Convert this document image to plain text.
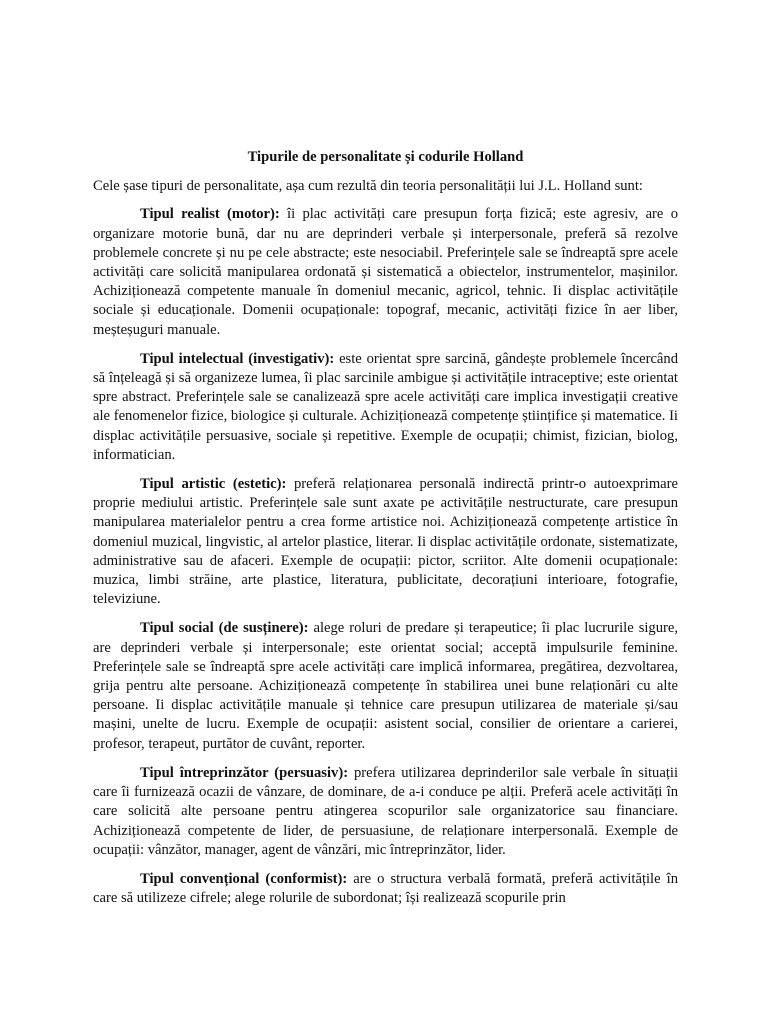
Tipurile de personalitate și codurile Holland
Cele șase tipuri de personalitate, așa cum rezultă din teoria personalității lui J.L. Holland sunt:

Tipul realist (motor): îi plac activități care presupun forța fizică; este agresiv, are o organizare motorie bună, dar nu are deprinderi verbale și interpersonale, preferă să rezolve problemele concrete și nu pe cele abstracte; este nesociabil. Preferințele sale se îndreaptă spre acele activități care solicită manipularea ordonată și sistematică a obiectelor, instrumentelor, mașinilor. Achiziționează competente manuale în domeniul mecanic, agricol, tehnic. Ii displac activitățile sociale și educaționale. Domenii ocupaționale: topograf, mecanic, activități fizice în aer liber, meșteșuguri manuale.

Tipul intelectual (investigativ): este orientat spre sarcină, gândește problemele încercând să înțeleagă și să organizeze lumea, îi plac sarcinile ambigue și activitățile intraceptive; este orientat spre abstract. Preferințele sale se canalizează spre acele activități care implica investigații creative ale fenomenelor fizice, biologice și culturale. Achiziționează competențe științifice și matematice. Ii displac activitățile persuasive, sociale și repetitive. Exemple de ocupații; chimist, fizician, biolog, informatician.

Tipul artistic (estetic): preferă relaționarea personală indirectă printr-o autoexprimare proprie mediului artistic. Preferințele sale sunt axate pe activitățile nestructurate, care presupun manipularea materialelor pentru a crea forme artistice noi. Achiziționează competențe artistice în domeniul muzical, lingvistic, al artelor plastice, literar. Ii displac activitățile ordonate, sistematizate, administrative sau de afaceri. Exemple de ocupații: pictor, scriitor. Alte domenii ocupaționale: muzica, limbi străine, arte plastice, literatura, publicitate, decorațiuni interioare, fotografie, televiziune.

Tipul social (de susținere): alege roluri de predare și terapeutice; îi plac lucrurile sigure, are deprinderi verbale și interpersonale; este orientat social; acceptă impulsurile feminine. Preferințele sale se îndreaptă spre acele activități care implică informarea, pregătirea, dezvoltarea, grija pentru alte persoane. Achiziționează competențe în stabilirea unei bune relaționări cu alte persoane. Ii displac activitățile manuale și tehnice care presupun utilizarea de materiale și/sau mașini, unelte de lucru. Exemple de ocupații: asistent social, consilier de orientare a carierei, profesor, terapeut, purtător de cuvânt, reporter.

Tipul întreprinzător (persuasiv): prefera utilizarea deprinderilor sale verbale în situații care îi furnizează ocazii de vânzare, de dominare, de a-i conduce pe alții. Preferă acele activități în care solicită alte persoane pentru atingerea scopurilor sale organizatorice sau financiare. Achiziționează competente de lider, de persuasiune, de relaționare interpersonală. Exemple de ocupații: vânzător, manager, agent de vânzări, mic întreprinzător, lider.

Tipul convențional (conformist): are o structura verbală formată, preferă activitățile în care să utilizeze cifrele; alege rolurile de subordonat; își realizează scopurile prin
